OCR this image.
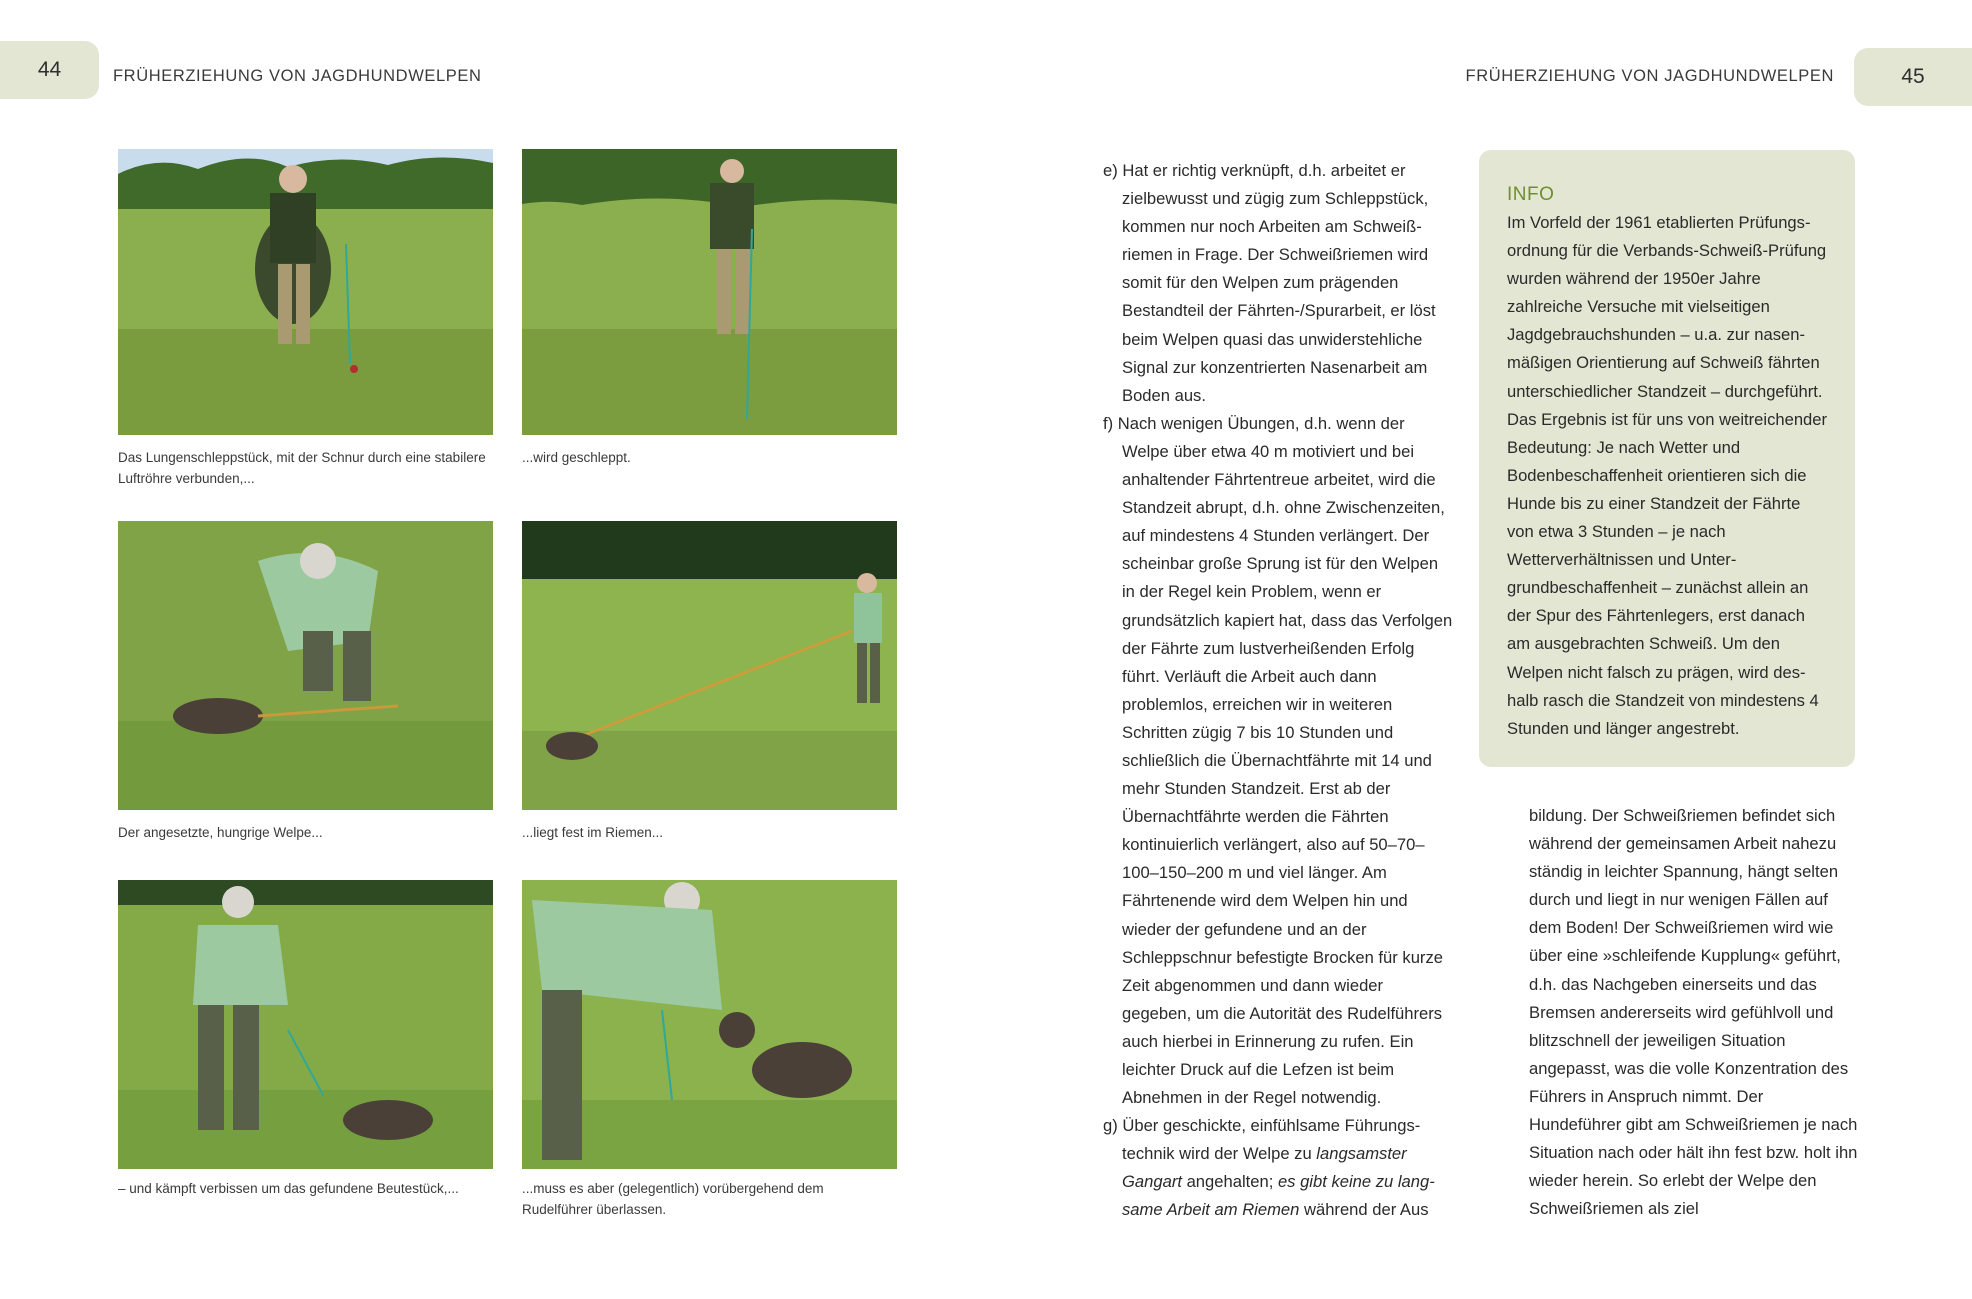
44	FRÜHERZIEHUNG VON JAGDHUNDWELPEN	FRÜHERZIEHUNG VON JAGDHUNDWELPEN	45
Das Lungenschleppstück, mit der Schnur durch eine stabilere Luftröhre verbunden,...
...wird geschleppt.
Der angesetzte, hungrige Welpe...	...liegt fest im Riemen...
– und kämpft verbissen um das gefundene Beutestück,...	...muss es aber (gelegentlich) vorübergehend dem Rudelführer überlassen.

e) Hat er richtig verknüpft, d.h. arbeitet er zielbewusst und zügig zum Schleppstück, kommen nur noch Arbeiten am Schweißriemen in Frage. Der Schweißriemen wird somit für den Welpen zum prägenden Bestandteil der Fährten-/Spurarbeit, er löst beim Welpen quasi das unwiderstehliche Signal zur konzentrierten Nasenarbeit am Boden aus.

f) Nach wenigen Übungen, d.h. wenn der Welpe über etwa 40 m motiviert und bei anhaltender Fährtentreue arbeitet, wird die Standzeit abrupt, d.h. ohne Zwischenzeiten, auf mindestens 4 Stunden verlängert. Der scheinbar große Sprung ist für den Welpen in der Regel kein Problem, wenn er grundsätzlich kapiert hat, dass das Verfolgen der Fährte zum lustverheißenden Erfolg führt. Verläuft die Arbeit auch dann problemlos, erreichen wir in weiteren Schritten zügig 7 bis 10 Stunden und schließlich die Übernachtfährte mit 14 und mehr Stunden Standzeit. Erst ab der Übernachtfährte werden die Fährten kontinuierlich verlängert, also auf 50–70–100–150–200 m und viel länger. Am Fährtenende wird dem Welpen hin und wieder der gefundene und an der Schleppschnur befestigte Brocken für kurze Zeit abgenommen und dann wieder gegeben, um die Autorität des Rudelführers auch hierbei in Erinnerung zu rufen. Ein leichter Druck auf die Lefzen ist beim Abnehmen in der Regel notwendig.

g) Über geschickte, einfühlsame Führungstechnik wird der Welpe zu langsamster Gangart angehalten; es gibt keine zu langsame Arbeit am Riemen während der Aus

INFO

Im Vorfeld der 1961 etablierten Prüfungsordnung für die Verbands-Schweiß-Prüfung wurden während der 1950er Jahre zahlreiche Versuche mit vielseitigen Jagdgebrauchshunden – u.a. zur nasenmäßigen Orientierung auf Schweiß fährten unterschiedlicher Standzeit – durchgeführt. Das Ergebnis ist für uns von weitreichender Bedeutung: Je nach Wetter und Bodenbeschaffenheit orientieren sich die Hunde bis zu einer Standzeit der Fährte von etwa 3 Stunden – je nach Wetterverhältnissen und Untergrundbeschaffenheit – zunächst allein an der Spur des Fährtenlegers, erst danach am ausgebrachten Schweiß. Um den Welpen nicht falsch zu prägen, wird deshalb rasch die Standzeit von mindestens 4 Stunden und länger angestrebt.

bildung. Der Schweißriemen befindet sich während der gemeinsamen Arbeit nahezu ständig in leichter Spannung, hängt selten durch und liegt in nur wenigen Fällen auf dem Boden! Der Schweißriemen wird wie über eine »schleifende Kupplung« geführt, d.h. das Nachgeben einerseits und das Bremsen andererseits wird gefühlvoll und blitzschnell der jeweiligen Situation angepasst, was die volle Konzentration des Führers in Anspruch nimmt. Der Hundeführer gibt am Schweißriemen je nach Situation nach oder hält ihn fest bzw. holt ihn wieder herein. So erlebt der Welpe den Schweißriemen als ziel
